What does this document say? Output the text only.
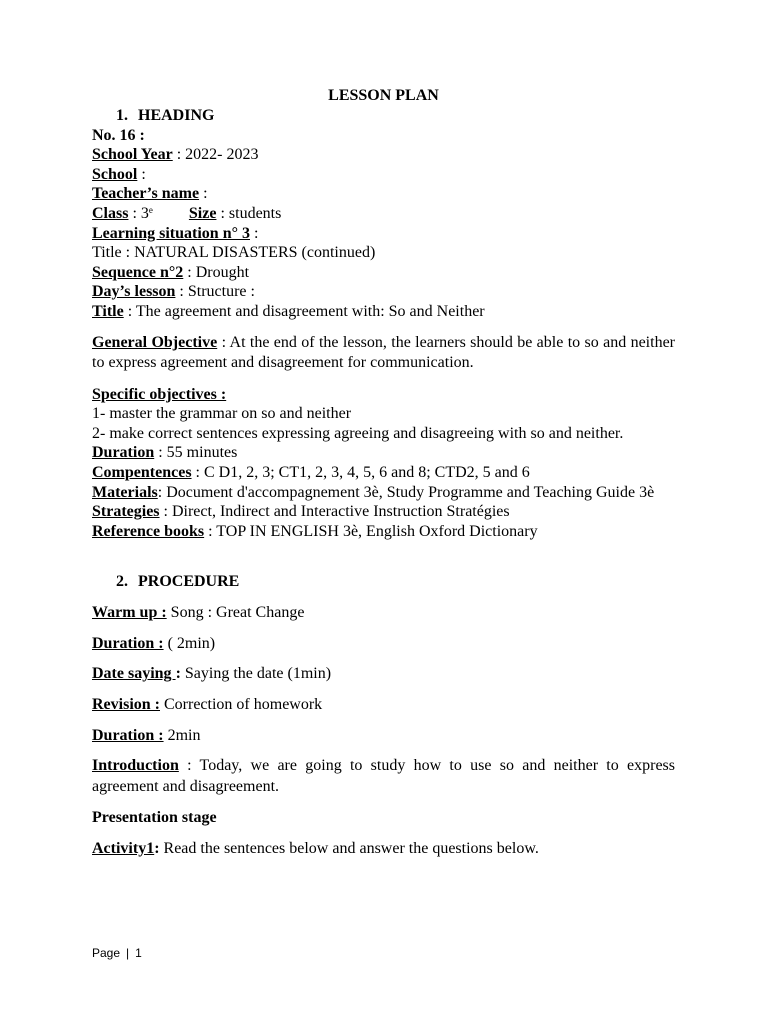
LESSON PLAN

1. HEADING

No. 16 :

School Year : 2022- 2023

School :

Teacher’s name :

Class : 3e Size : students

Learning situation n° 3 :

Title : NATURAL DISASTERS (continued)

Sequence n°2 : Drought

Day’s lesson : Structure :

Title : The agreement and disagreement with: So and Neither

General Objective : At the end of the lesson, the learners should be able to so and neither to express agreement and disagreement for communication.

Specific objectives :

1- master the grammar on so and neither

2- make correct sentences expressing agreeing and disagreeing with so and neither.

Duration : 55 minutes

Compentences : C D1, 2, 3; CT1, 2, 3, 4, 5, 6 and 8; CTD2, 5 and 6

Materials: Document d'accompagnement 3è, Study Programme and Teaching Guide 3è

Strategies : Direct, Indirect and Interactive Instruction Stratégies

Reference books : TOP IN ENGLISH 3è, English Oxford Dictionary

2. PROCEDURE

Warm up : Song : Great Change

Duration : ( 2min)

Date saying : Saying the date (1min)

Revision : Correction of homework

Duration : 2min

Introduction : Today, we are going to study how to use so and neither to express agreement and disagreement.

Presentation stage

Activity1: Read the sentences below and answer the questions below.

Page | 1
